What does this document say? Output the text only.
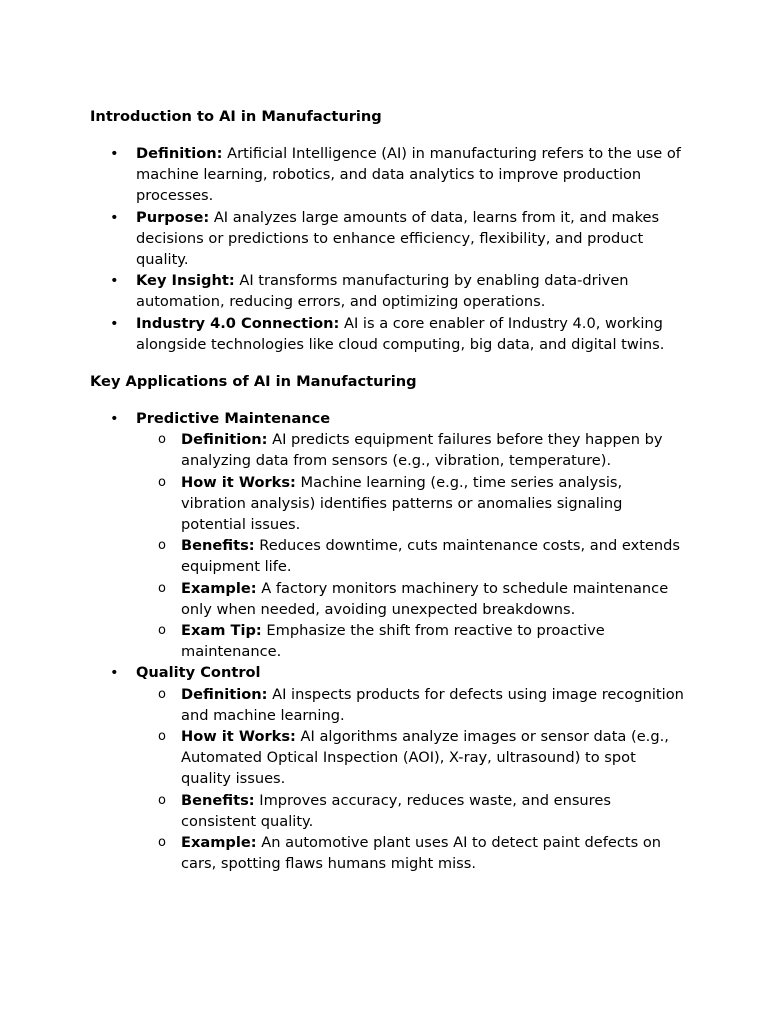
Introduction to AI in Manufacturing
•	Definition: Artificial Intelligence (AI) in manufacturing refers to the use of machine learning, robotics, and data analytics to improve production processes.
•	Purpose: AI analyzes large amounts of data, learns from it, and makes decisions or predictions to enhance efficiency, flexibility, and product quality.
•	Key Insight: AI transforms manufacturing by enabling data-driven automation, reducing errors, and optimizing operations.
•	Industry 4.0 Connection: AI is a core enabler of Industry 4.0, working alongside technologies like cloud computing, big data, and digital twins.
Key Applications of AI in Manufacturing
•	Predictive Maintenance
o Definition: AI predicts equipment failures before they happen by analyzing data from sensors (e.g., vibration, temperature).
o How it Works: Machine learning (e.g., time series analysis, vibration analysis) identifies patterns or anomalies signaling potential issues.
o Benefits: Reduces downtime, cuts maintenance costs, and extends equipment life.
o Example: A factory monitors machinery to schedule maintenance only when needed, avoiding unexpected breakdowns.
o Exam Tip: Emphasize the shift from reactive to proactive maintenance.
•	Quality Control
o Definition: AI inspects products for defects using image recognition and machine learning.
o How it Works: AI algorithms analyze images or sensor data (e.g., Automated Optical Inspection (AOI), X-ray, ultrasound) to spot quality issues.
o Benefits: Improves accuracy, reduces waste, and ensures consistent quality.
o Example: An automotive plant uses AI to detect paint defects on cars, spotting flaws humans might miss.
